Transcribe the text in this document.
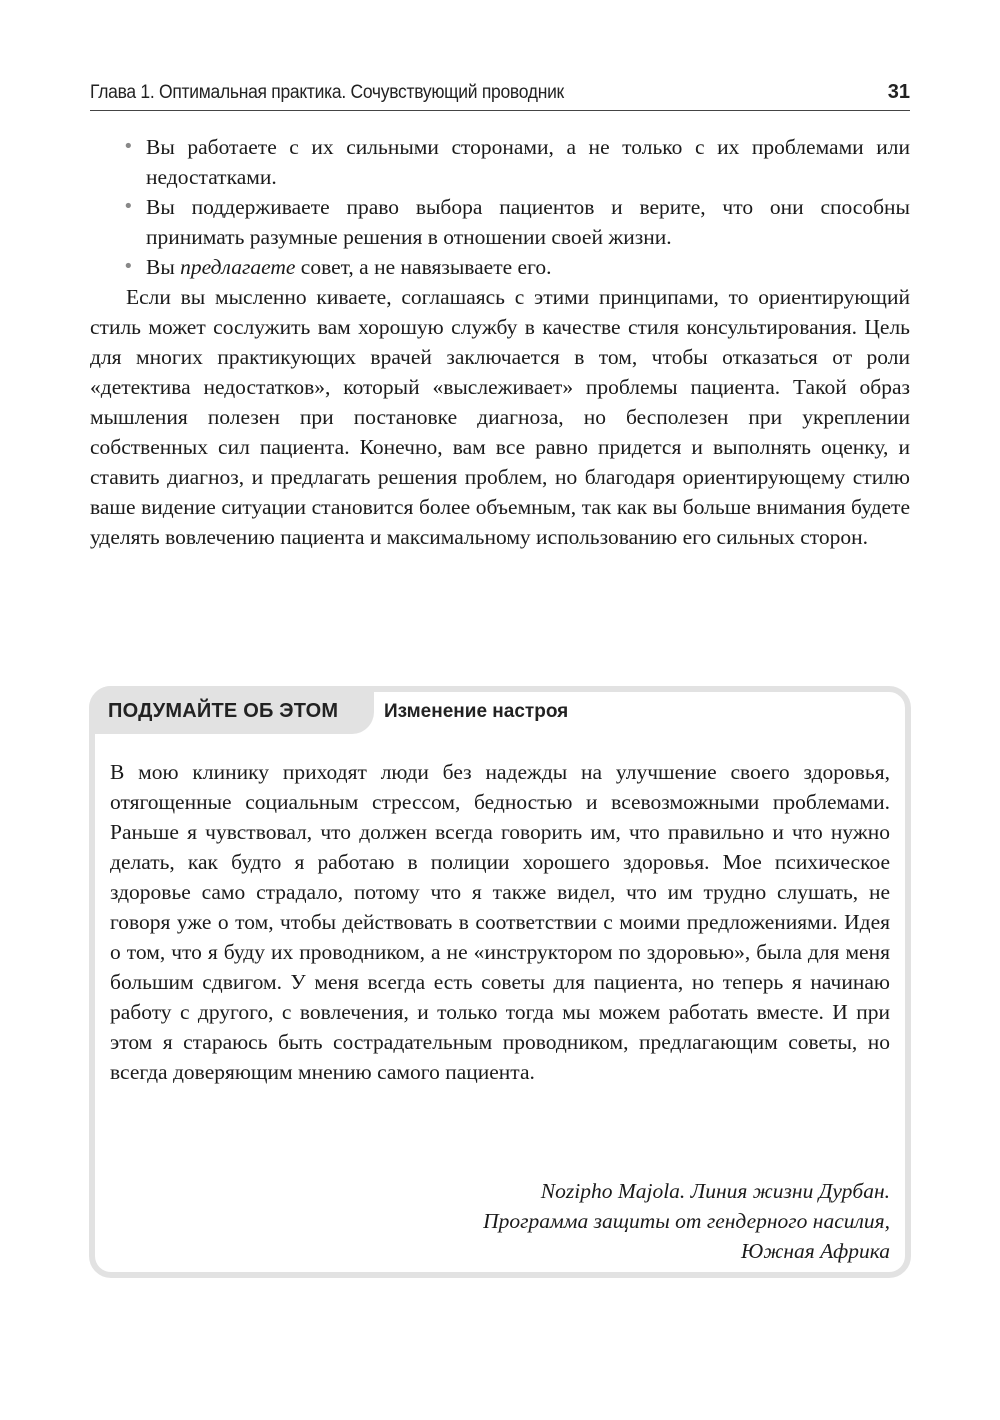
Глава 1. Оптимальная практика. Сочувствующий проводник	31
• Вы работаете с их сильными сторонами, а не только с их проблемами или недостатками.
• Вы поддерживаете право выбора пациентов и верите, что они способны принимать разумные решения в отношении своей жизни.
• Вы предлагаете совет, а не навязываете его.

Если вы мысленно киваете, соглашаясь с этими принципами, то ориентирующий стиль может сослужить вам хорошую службу в качестве стиля консультирования. Цель для многих практикующих врачей заключается в том, чтобы отказаться от роли «детектива недостатков», который «выслеживает» проблемы пациента. Такой образ мышления полезен при постановке диагноза, но бесполезен при укреплении собственных сил пациента. Конечно, вам все равно придется и выполнять оценку, и ставить диагноз, и предлагать решения проблем, но благодаря ориентирующему стилю ваше видение ситуации становится более объемным, так как вы больше внимания будете уделять вовлечению пациента и максимальному использованию его сильных сторон.

ПОДУМАЙТЕ ОБ ЭТОМ Изменение настроя
В мою клинику приходят люди без надежды на улучшение своего здоровья, отягощенные социальным стрессом, бедностью и всевозможными проблемами. Раньше я чувствовал, что должен всегда говорить им, что правильно и что нужно делать, как будто я работаю в полиции хорошего здоровья. Мое психическое здоровье само страдало, потому что я также видел, что им трудно слушать, не говоря уже о том, чтобы действовать в соответствии с моими предложениями. Идея о том, что я буду их проводником, а не «инструктором по здоровью», была для меня большим сдвигом. У меня всегда есть советы для пациента, но теперь я начинаю работу с другого, с вовлечения, и только тогда мы можем работать вместе. И при этом я стараюсь быть сострадательным проводником, предлагающим советы, но всегда доверяющим мнению самого пациента.
Nozipho Majola. Линия жизни Дурбан.
Программа защиты от гендерного насилия,
Южная Африка
